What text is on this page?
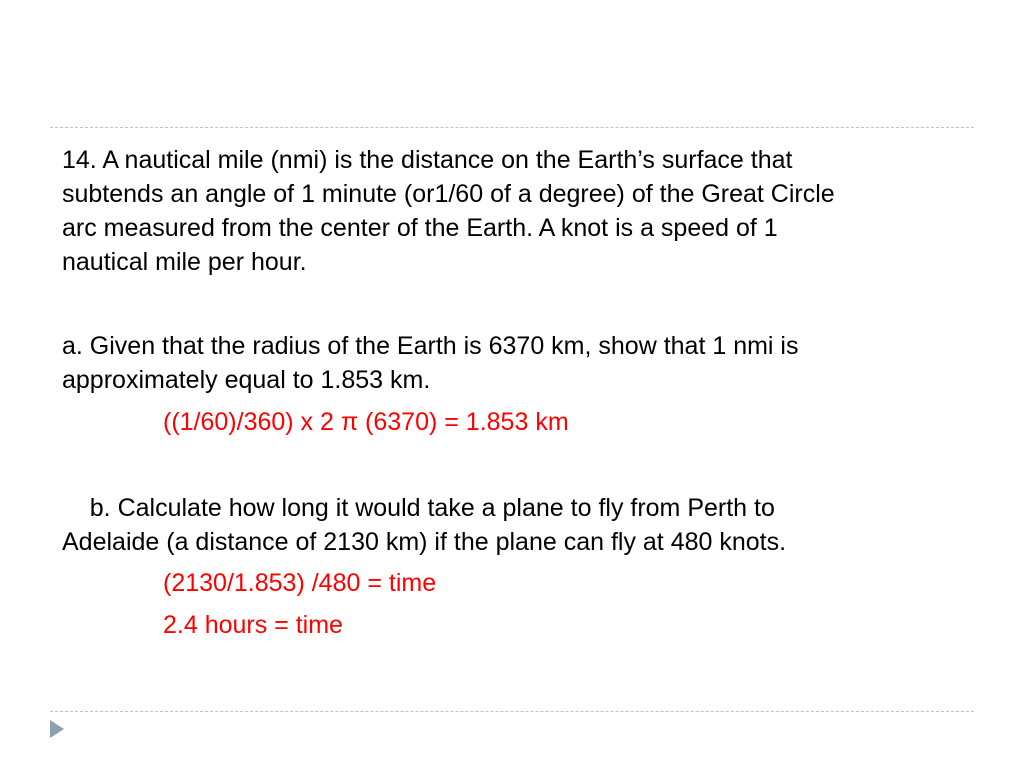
14. A nautical mile (nmi) is the distance on the Earth’s surface that

subtends an angle of 1 minute (or1/60 of a degree) of the Great Circle

arc measured from the center of the Earth. A knot is a speed of 1

nautical mile per hour.

a. Given that the radius of the Earth is 6370 km, show that 1 nmi is

approximately equal to 1.853 km.

((1/60)/360) x 2 π (6370) = 1.853 km

b. Calculate how long it would take a plane to fly from Perth to

Adelaide (a distance of 2130 km) if the plane can fly at 480 knots.

(2130/1.853) /480 = time

2.4 hours = time
